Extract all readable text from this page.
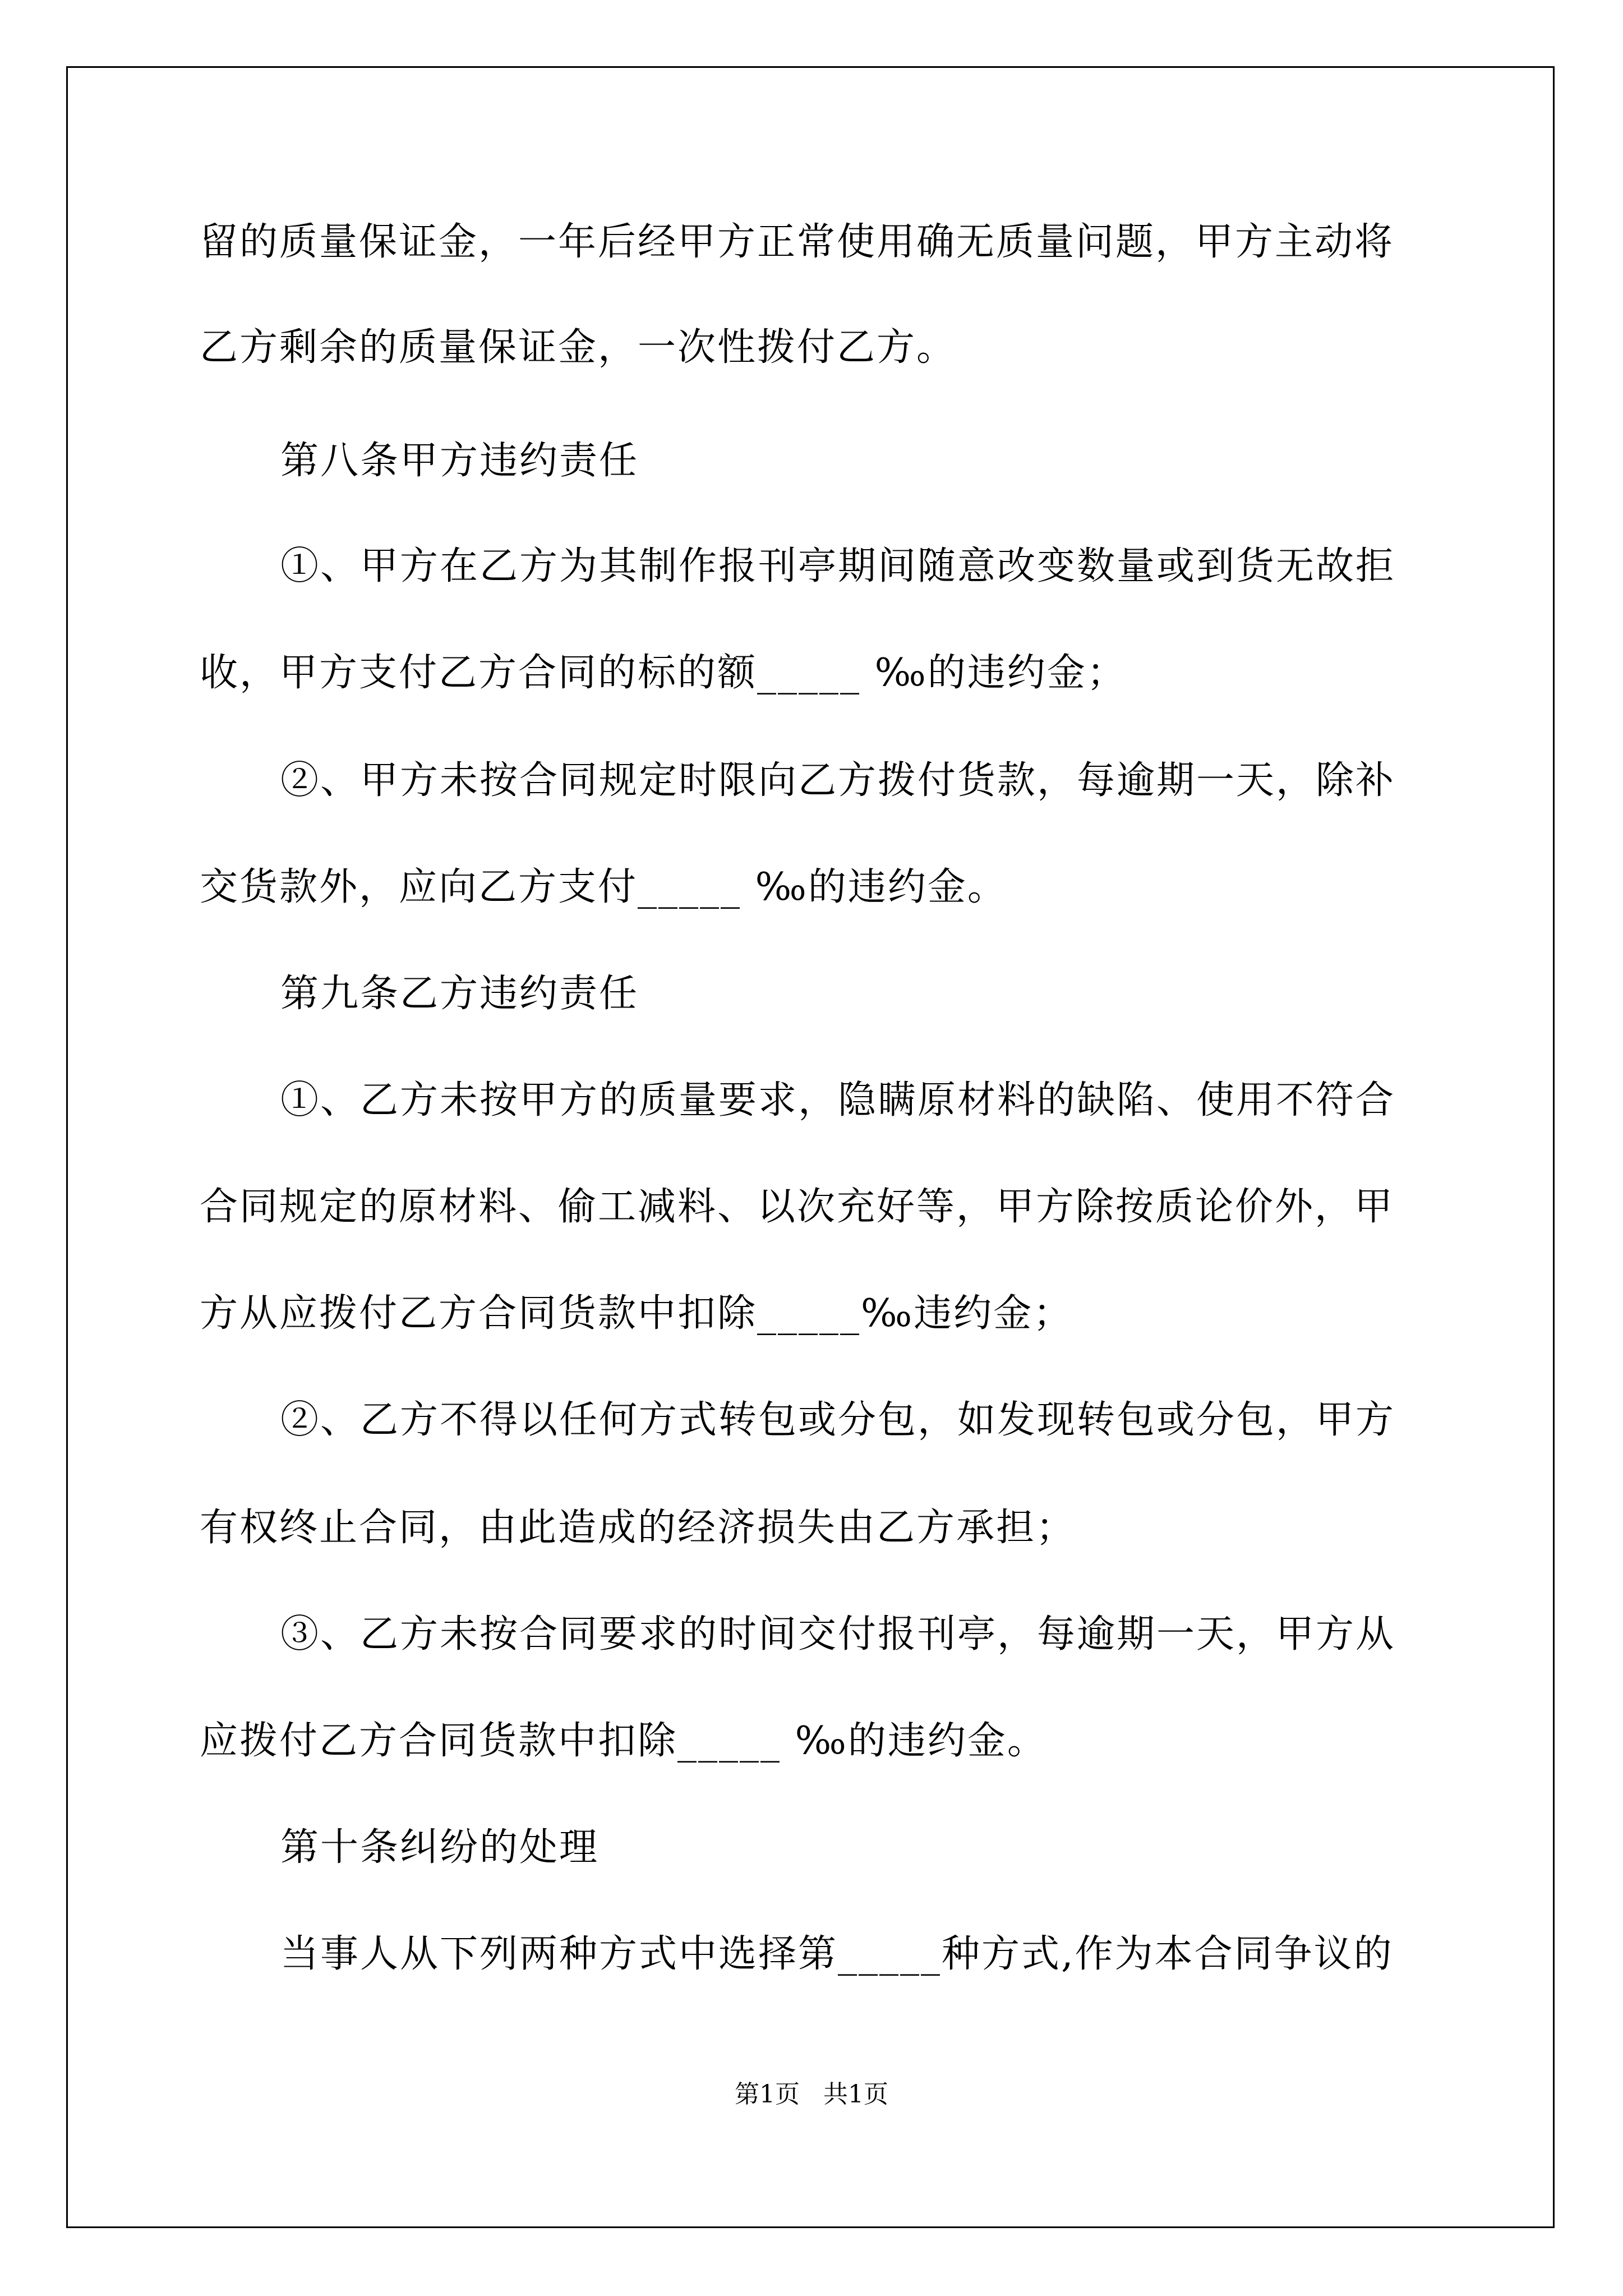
留的质量保证金，一年后经甲方正常使用确无质量问题，甲方主动将
乙方剩余的质量保证金，一次性拨付乙方。
第八条甲方违约责任
①、甲方在乙方为其制作报刊亭期间随意改变数量或到货无故拒
收，甲方支付乙方合同的标的额_____ ‰的违约金；
②、甲方未按合同规定时限向乙方拨付货款，每逾期一天，除补
交货款外，应向乙方支付_____ ‰的违约金。
第九条乙方违约责任
①、乙方未按甲方的质量要求，隐瞒原材料的缺陷、使用不符合
合同规定的原材料、偷工减料、以次充好等，甲方除按质论价外，甲
方从应拨付乙方合同货款中扣除_____‰违约金；
②、乙方不得以任何方式转包或分包，如发现转包或分包，甲方
有权终止合同，由此造成的经济损失由乙方承担；
③、乙方未按合同要求的时间交付报刊亭，每逾期一天，甲方从
应拨付乙方合同货款中扣除_____ ‰的违约金。
第十条纠纷的处理
当事人从下列两种方式中选择第_____种方式,作为本合同争议的
第1页   共1页
